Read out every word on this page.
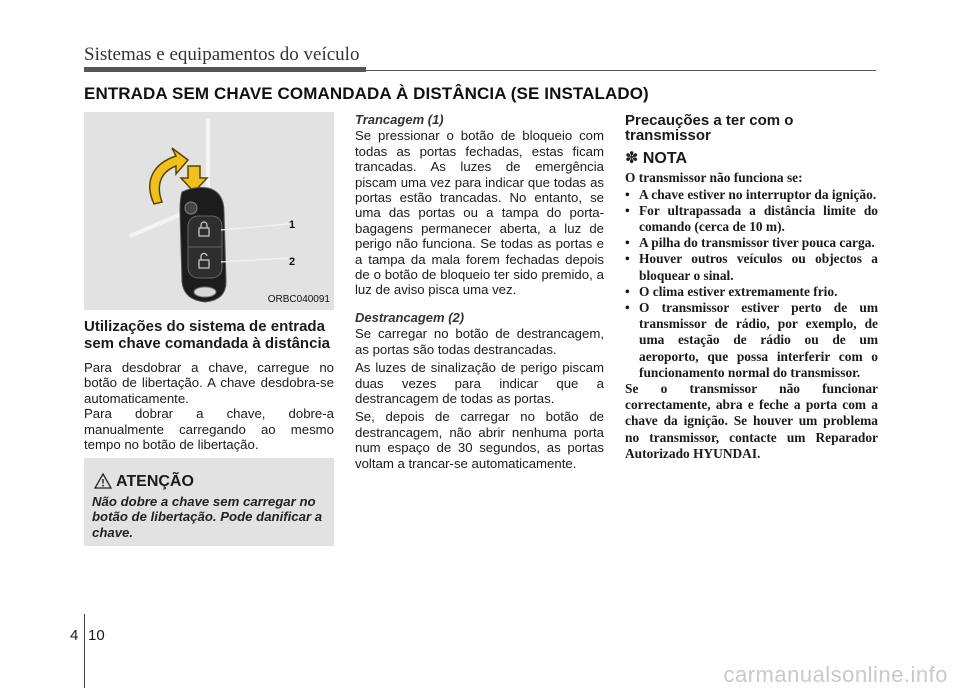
Sistemas e equipamentos do veículo
ENTRADA SEM CHAVE COMANDADA À DISTÂNCIA (SE INSTALADO)
1
2
ORBC040091
Utilizações do sistema de entrada sem chave comandada à distância

Para desdobrar a chave, carregue no botão de libertação. A chave desdobra-se automaticamente.

Para dobrar a chave, dobre-a manualmente carregando ao mesmo tempo no botão de libertação.

ATENÇÃO
Não dobre a chave sem carregar no botão de libertação. Pode danificar a chave.
Trancagem (1)

Se pressionar o botão de bloqueio com todas as portas fechadas, estas ficam trancadas. As luzes de emergência piscam uma vez para indicar que todas as portas estão trancadas. No entanto, se uma das portas ou a tampa do porta-bagagens permanecer aberta, a luz de perigo não funciona. Se todas as portas e a tampa da mala forem fechadas depois de o botão de bloqueio ter sido premido, a luz de aviso pisca uma vez.

Destrancagem (2)

Se carregar no botão de destrancagem, as portas são todas destrancadas.

As luzes de sinalização de perigo piscam duas vezes para indicar que a destrancagem de todas as portas.

Se, depois de carregar no botão de destrancagem, não abrir nenhuma porta num espaço de 30 segundos, as portas voltam a trancar-se automaticamente.

Precauções a ter com o transmissor
✽ NOTA
O transmissor não funciona se:
• A chave estiver no interruptor da ignição.
• For ultrapassada a distância limite do comando (cerca de 10 m).
• A pilha do transmissor tiver pouca carga.
• Houver outros veículos ou objectos a bloquear o sinal.
• O clima estiver extremamente frio.
• O transmissor estiver perto de um transmissor de rádio, por exemplo, de uma estação de rádio ou de um aeroporto, que possa interferir com o funcionamento normal do transmissor.
Se o transmissor não funcionar correctamente, abra e feche a porta com a chave da ignição. Se houver um problema no transmissor, contacte um Reparador Autorizado HYUNDAI.
4 10
carmanualsonline.info
